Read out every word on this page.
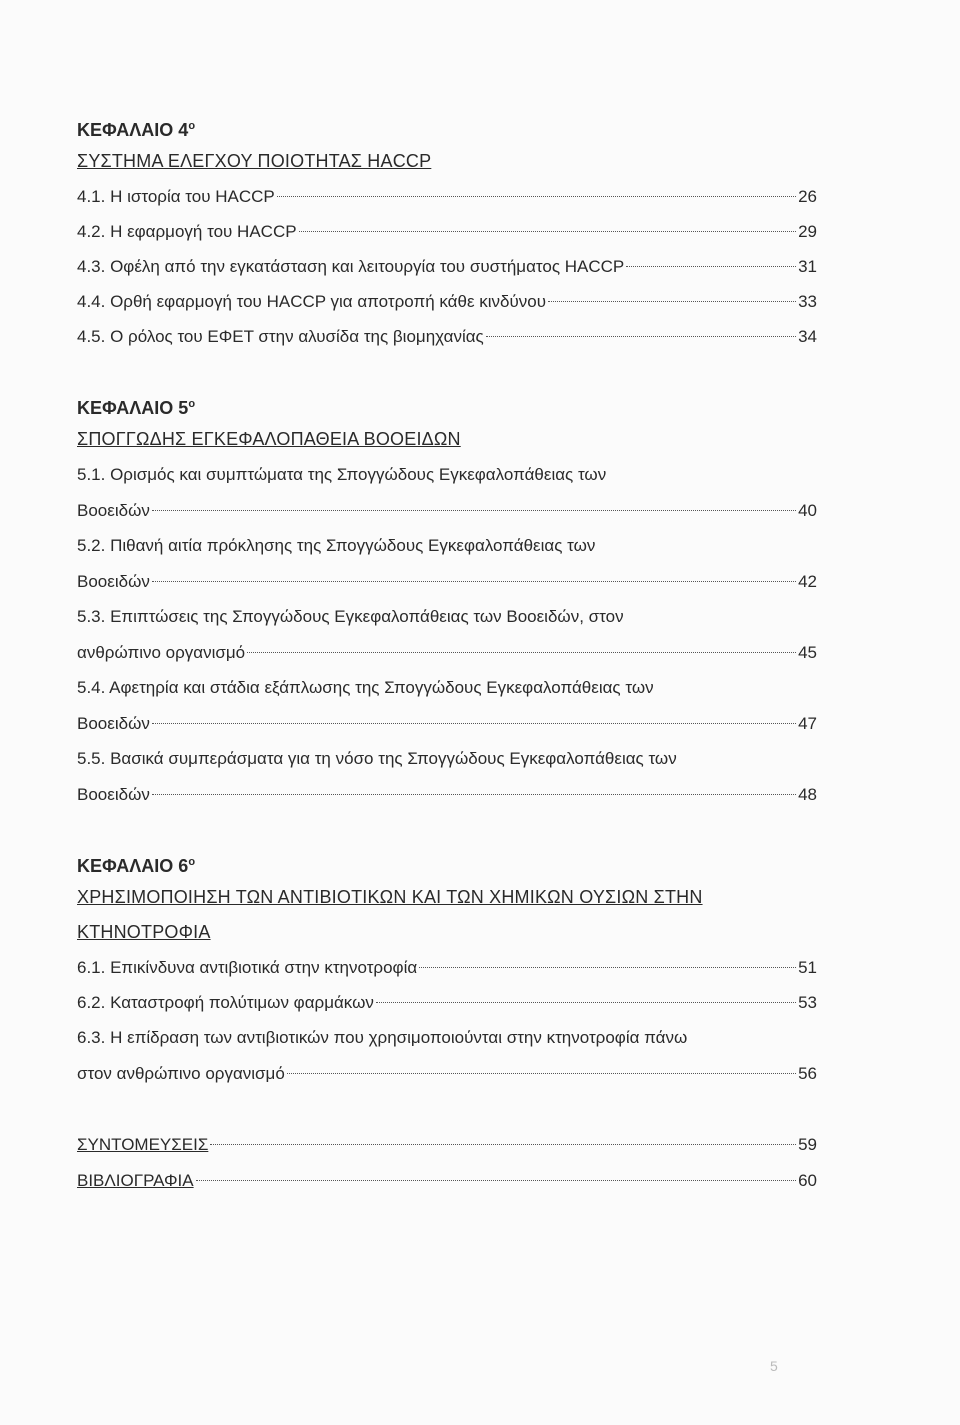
ΚΕΦΑΛΑΙΟ $4^o$
ΣΥΣΤΗΜΑ ΕΛΕΓΧΟΥ ΠΟΙΟΤΗΤΑΣ HACCP
4.1. Η ιστορία του HACCP	26
4.2. Η εφαρμογή του HACCP	29
4.3. Οφέλη από την εγκατάσταση και λειτουργία του συστήματος HACCP	31
4.4. Ορθή εφαρμογή του HACCP για αποτροπή κάθε κινδύνου	33
4.5. Ο ρόλος του ΕΦΕΤ στην αλυσίδα της βιομηχανίας	34
ΚΕΦΑΛΑΙΟ $5^o$
ΣΠΟΓΓΩΔΗΣ ΕΓΚΕΦΑΛΟΠΑΘΕΙΑ ΒΟΟΕΙΔΩΝ
5.1. Ορισμός και συμπτώματα της Σπογγώδους Εγκεφαλοπάθειας των
Βοοειδών	40
5.2. Πιθανή αιτία πρόκλησης της Σπογγώδους Εγκεφαλοπάθειας των
Βοοειδών	42
5.3. Επιπτώσεις της Σπογγώδους Εγκεφαλοπάθειας των Βοοειδών, στον
ανθρώπινο οργανισμό	45
5.4. Αφετηρία και στάδια εξάπλωσης της Σπογγώδους Εγκεφαλοπάθειας των
Βοοειδών	47
5.5. Βασικά συμπεράσματα για τη νόσο της Σπογγώδους Εγκεφαλοπάθειας των
Βοοειδών	48
ΚΕΦΑΛΑΙΟ $6^o$
ΧΡΗΣΙΜΟΠΟΙΗΣΗ ΤΩΝ ΑΝΤΙΒΙΟΤΙΚΩΝ ΚΑΙ ΤΩΝ ΧΗΜΙΚΩΝ ΟΥΣΙΩΝ ΣΤΗΝ
ΚΤΗΝΟΤΡΟΦΙΑ
6.1. Επικίνδυνα αντιβιοτικά στην κτηνοτροφία	51
6.2. Καταστροφή πολύτιμων φαρμάκων	53
6.3. Η επίδραση των αντιβιοτικών που χρησιμοποιούνται στην κτηνοτροφία πάνω
στον ανθρώπινο οργανισμό	56
ΣΥΝΤΟΜΕΥΣΕΙΣ	59
ΒΙΒΛΙΟΓΡΑΦΙΑ	60
5
